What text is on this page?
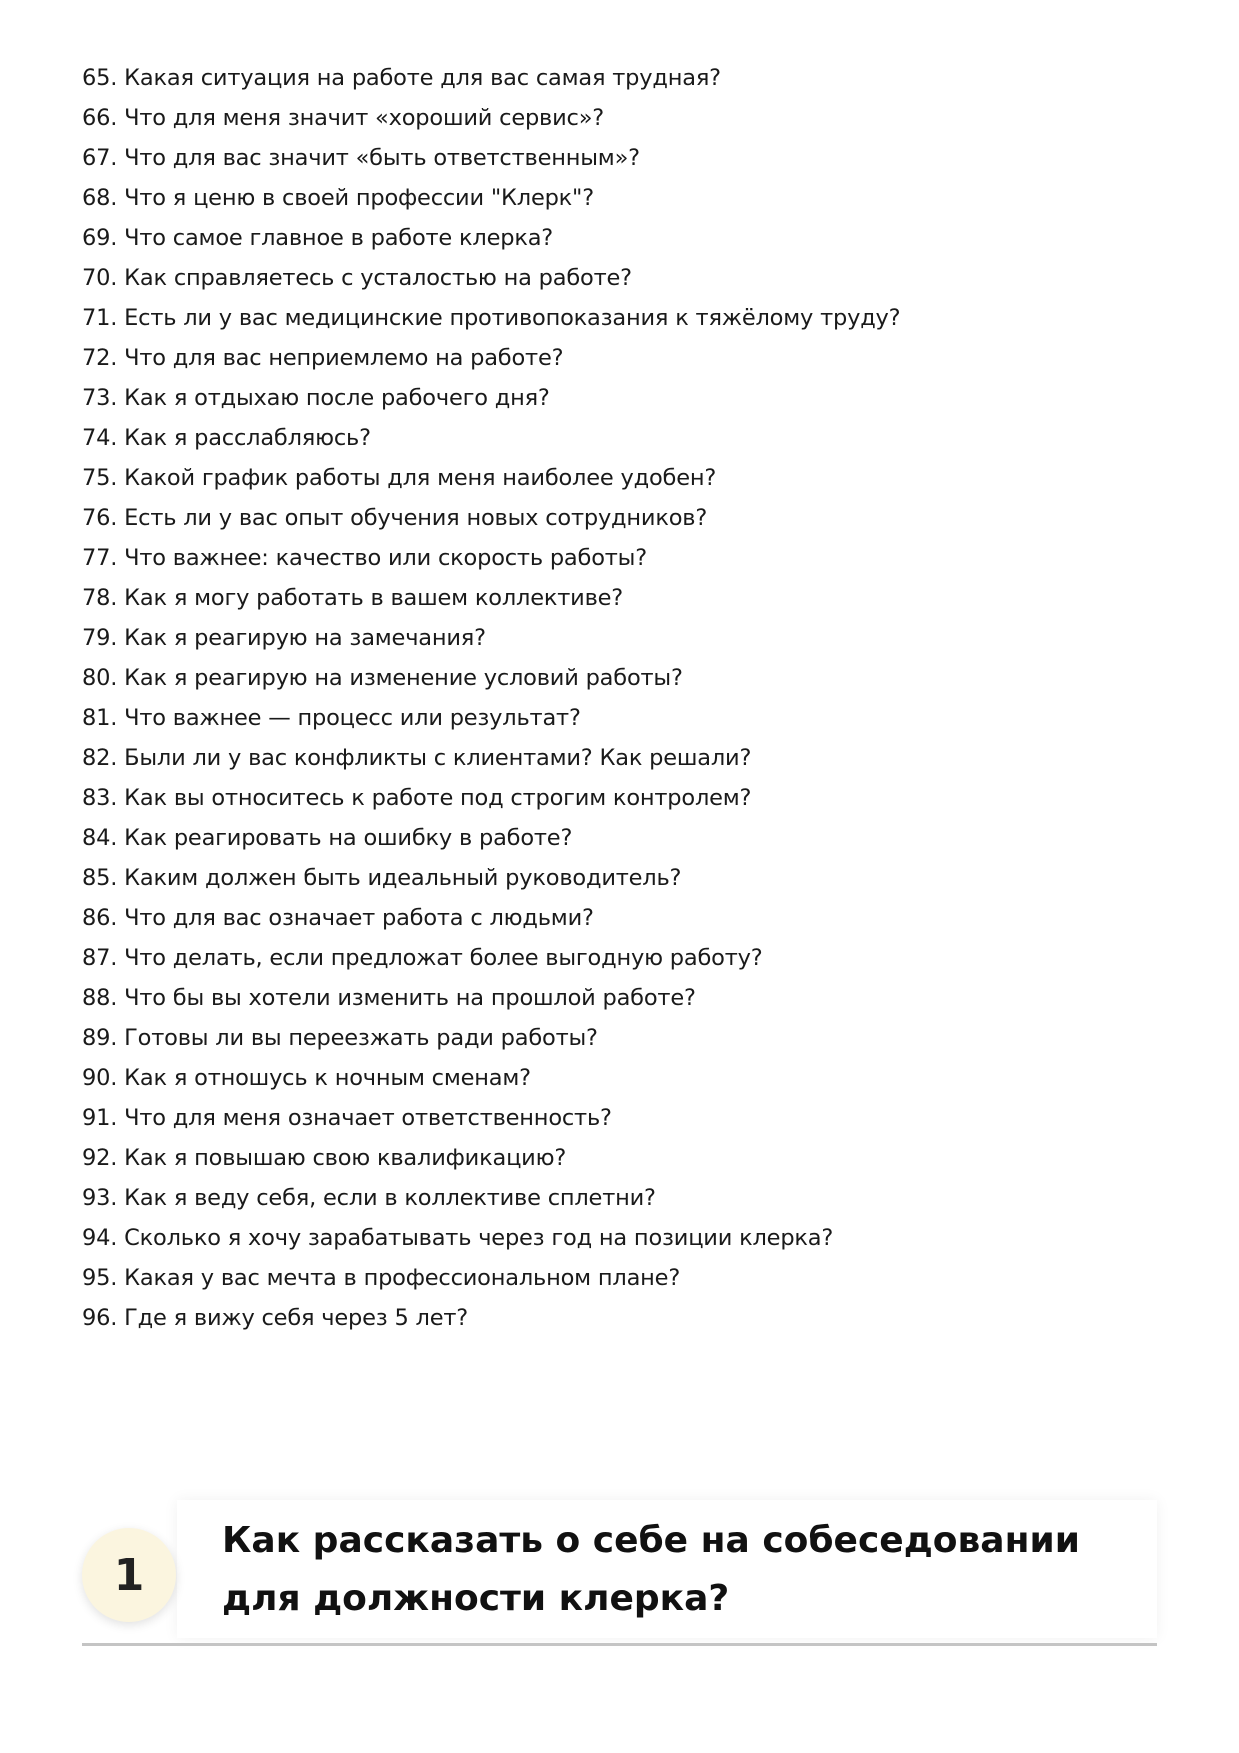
65. Какая ситуация на работе для вас самая трудная?
66. Что для меня значит «хороший сервис»?
67. Что для вас значит «быть ответственным»?
68. Что я ценю в своей профессии "Клерк"?
69. Что самое главное в работе клерка?
70. Как справляетесь с усталостью на работе?
71. Есть ли у вас медицинские противопоказания к тяжёлому труду?
72. Что для вас неприемлемо на работе?
73. Как я отдыхаю после рабочего дня?
74. Как я расслабляюсь?
75. Какой график работы для меня наиболее удобен?
76. Есть ли у вас опыт обучения новых сотрудников?
77. Что важнее: качество или скорость работы?
78. Как я могу работать в вашем коллективе?
79. Как я реагирую на замечания?
80. Как я реагирую на изменение условий работы?
81. Что важнее — процесс или результат?
82. Были ли у вас конфликты с клиентами? Как решали?
83. Как вы относитесь к работе под строгим контролем?
84. Как реагировать на ошибку в работе?
85. Каким должен быть идеальный руководитель?
86. Что для вас означает работа с людьми?
87. Что делать, если предложат более выгодную работу?
88. Что бы вы хотели изменить на прошлой работе?
89. Готовы ли вы переезжать ради работы?
90. Как я отношусь к ночным сменам?
91. Что для меня означает ответственность?
92. Как я повышаю свою квалификацию?
93. Как я веду себя, если в коллективе сплетни?
94. Сколько я хочу зарабатывать через год на позиции клерка?
95. Какая у вас мечта в профессиональном плане?
96. Где я вижу себя через 5 лет?
1
Как рассказать о себе на собеседовании для должности клерка?
